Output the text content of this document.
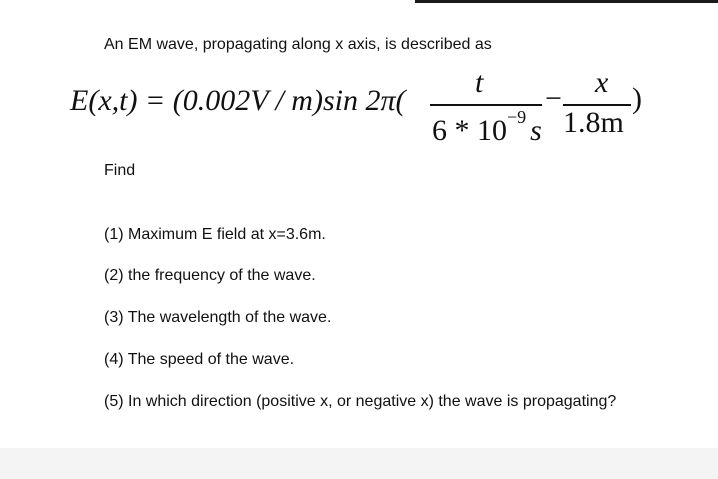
An EM wave, propagating along x axis, is described as
E(x,t) = (0.002V / m)sin 2π(
t
$6 * 10^{-9}$ s
− x
1.8m
)
Find
(1) Maximum E field at x=3.6m.
(2) the frequency of the wave.
(3) The wavelength of the wave.
(4) The speed of the wave.
(5) In which direction (positive x, or negative x) the wave is propagating?
